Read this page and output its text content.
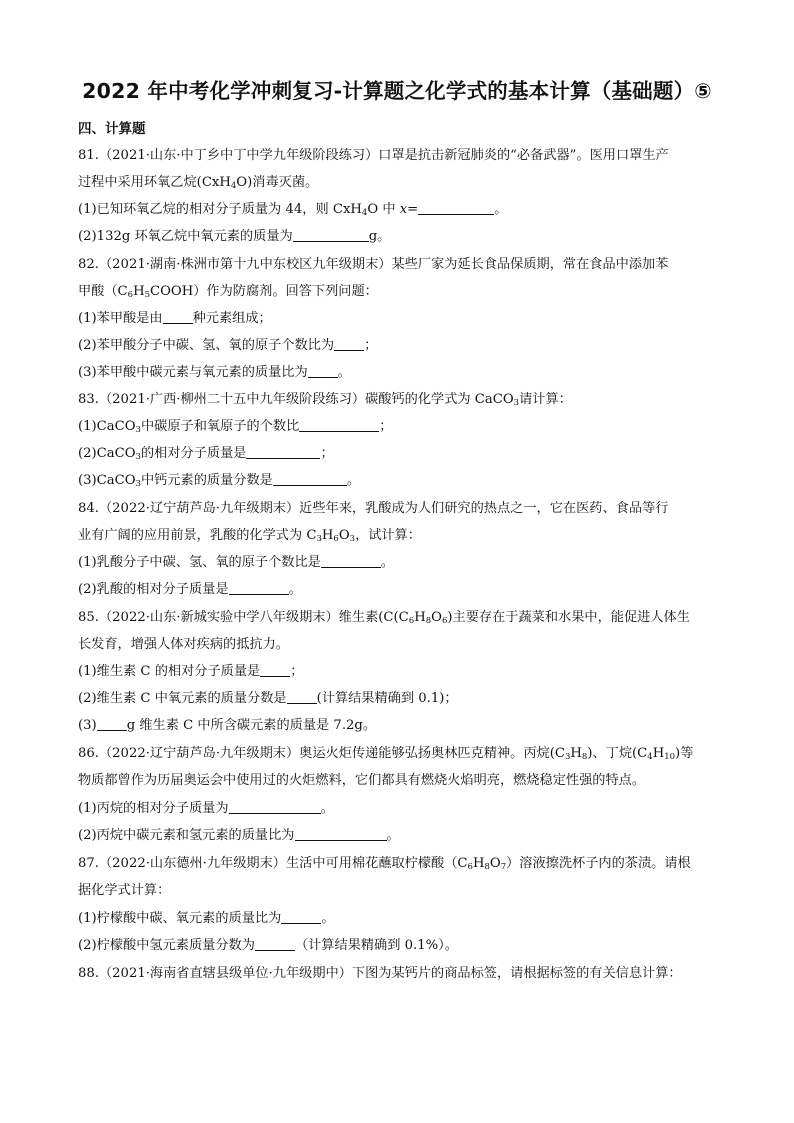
2022 年中考化学冲刺复习-计算题之化学式的基本计算（基础题）⑤
四、计算题
81.（2021·山东·中丁乡中丁中学九年级阶段练习）口罩是抗击新冠肺炎的“必备武器”。医用口罩生产
过程中采用环氧乙烷(CxH$_4$O)消毒灭菌。
(1)已知环氧乙烷的相对分子质量为 44，则 CxH$_4$O 中 x=	。
(2)132g 环氧乙烷中氧元素的质量为	g。
82.（2021·湖南·株洲市第十九中东校区九年级期末）某些厂家为延长食品保质期，常在食品中添加苯
甲酸$(C_6H_5COOH)$作为防腐剂。回答下列问题：
(1)苯甲酸是由 种元素组成；
(2)苯甲酸分子中碳、氢、氧的原子个数比为 ；
(3)苯甲酸中碳元素与氧元素的质量比为 。
83.（2021·广西·柳州二十五中九年级阶段练习）碳酸钙的化学式为 CaCO$_3$请计算：
(1)CaCO$_3$中碳原子和氧原子的个数比	；
(2)CaCO$_3$的相对分子质量是	；
(3)CaCO$_3$中钙元素的质量分数是	。
84.（2022·辽宁葫芦岛·九年级期末）近些年来，乳酸成为人们研究的热点之一，它在医药、食品等行
业有广阔的应用前景，乳酸的化学式为 $C_3H_6O_3$，试计算：
(1)乳酸分子中碳、氢、氧的原子个数比是	。
(2)乳酸的相对分子质量是	。
85.（2022·山东·新城实验中学八年级期末）维生素($C(C_6H_8O_6)$主要存在于蔬菜和水果中，能促进人体生
长发育，增强人体对疾病的抵抗力。
(1)维生素 C 的相对分子质量是 ；
(2)维生素 C 中氧元素的质量分数是 (计算结果精确到 0.1)；
(3) g 维生素 C 中所含碳元素的质量是 7.2g。
86.（2022·辽宁葫芦岛·九年级期末）奥运火炬传递能够弘扬奥林匹克精神。丙烷$(C_3H_8)$、丁烷$(C_4H_{10})$等
物质都曾作为历届奥运会中使用过的火炬燃料，它们都具有燃烧火焰明亮，燃烧稳定性强的特点。
(1)丙烷的相对分子质量为	。
(2)丙烷中碳元素和氢元素的质量比为	。
87.（2022·山东德州·九年级期末）生活中可用棉花蘸取柠檬酸$(C_6H_8O_7)$溶液擦洗杯子内的茶渍。请根
据化学式计算：
(1)柠檬酸中碳、氧元素的质量比为	。
(2)柠檬酸中氢元素质量分数为	（计算结果精确到 0.1%）。
88.（2021·海南省直辖县级单位·九年级期中）下图为某钙片的商品标签，请根据标签的有关信息计算：
